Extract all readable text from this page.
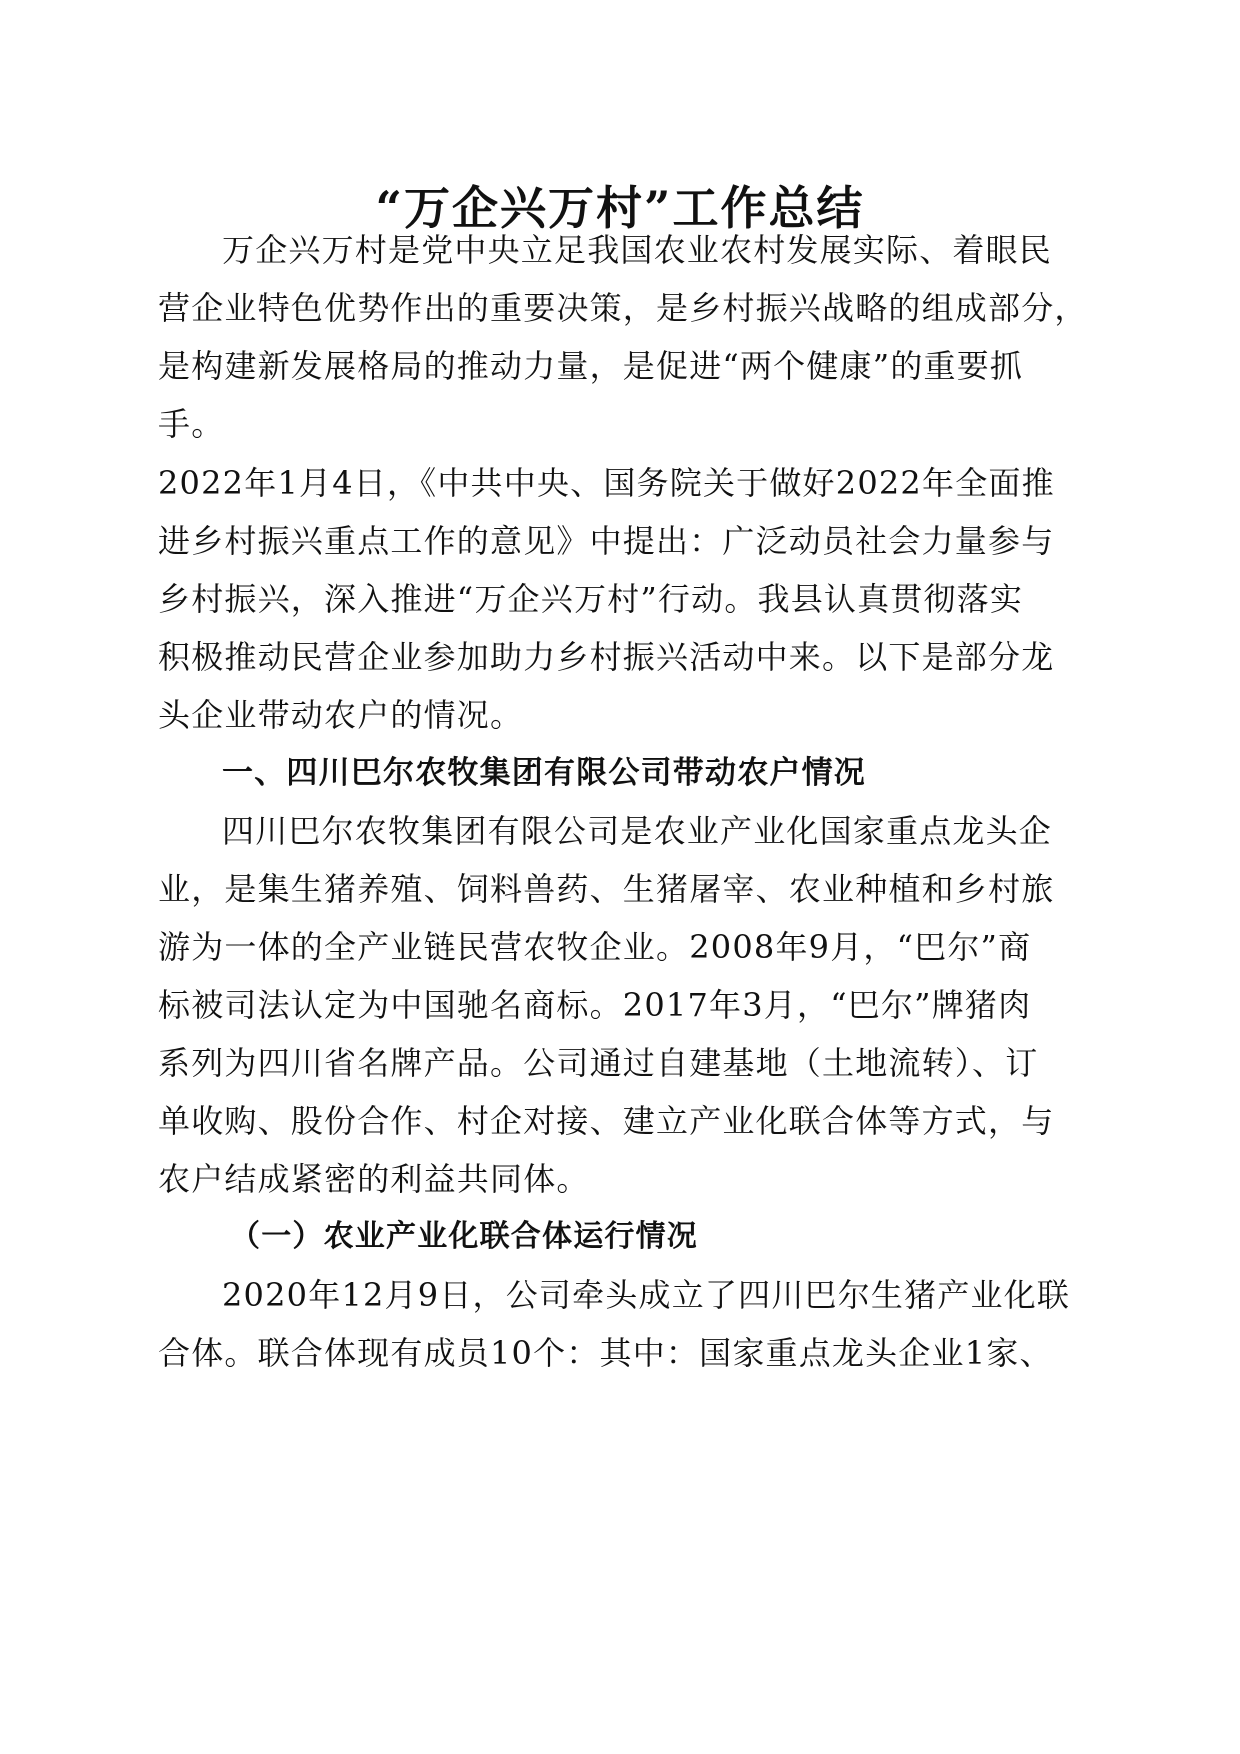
“万企兴万村”工作总结
万企兴万村是党中央立足我国农业农村发展实际、着眼民
营企业特色优势作出的重要决策，是乡村振兴战略的组成部分，
是构建新发展格局的推动力量，是促进“两个健康”的重要抓
手。
2022年1月4日，《中共中央、国务院关于做好2022年全面推
进乡村振兴重点工作的意见》中提出：广泛动员社会力量参与
乡村振兴，深入推进“万企兴万村”行动。我县认真贯彻落实
积极推动民营企业参加助力乡村振兴活动中来。以下是部分龙
头企业带动农户的情况。
一、四川巴尔农牧集团有限公司带动农户情况
四川巴尔农牧集团有限公司是农业产业化国家重点龙头企
业，是集生猪养殖、饲料兽药、生猪屠宰、农业种植和乡村旅
游为一体的全产业链民营农牧企业。2008年9月，“巴尔”商
标被司法认定为中国驰名商标。2017年3月，“巴尔”牌猪肉
系列为四川省名牌产品。公司通过自建基地（土地流转）、订
单收购、股份合作、村企对接、建立产业化联合体等方式，与
农户结成紧密的利益共同体。
（一）农业产业化联合体运行情况
2020年12月9日，公司牵头成立了四川巴尔生猪产业化联
合体。联合体现有成员10个：其中：国家重点龙头企业1家、
